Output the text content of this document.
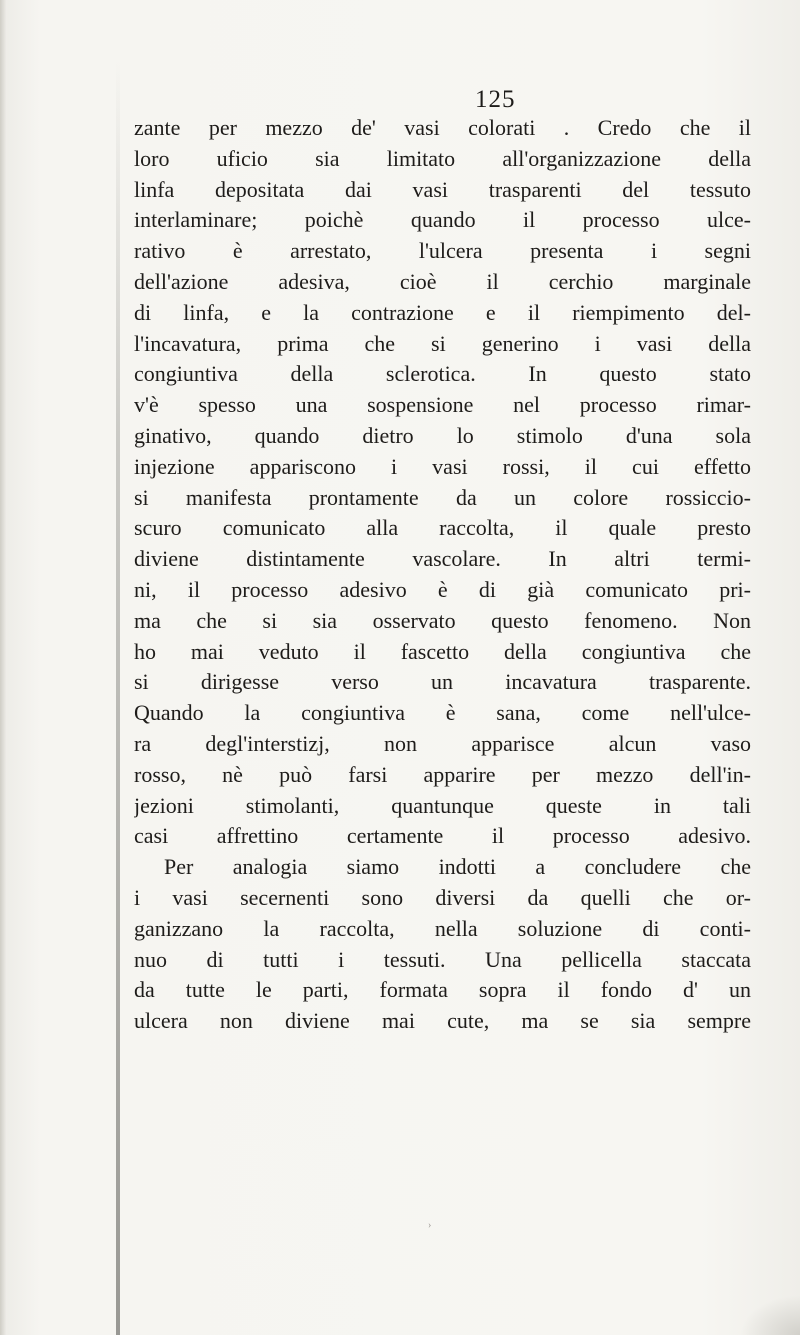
125
zante per mezzo de' vasi colorati . Credo che il
loro uficio sia limitato all'organizzazione della
linfa depositata dai vasi trasparenti del tessuto
interlaminare; poichè quando il processo ulce-
rativo è arrestato, l'ulcera presenta i segni
dell'azione adesiva, cioè il cerchio marginale
di linfa, e la contrazione e il riempimento del-
l'incavatura, prima che si generino i vasi della
congiuntiva della sclerotica. In questo stato
v'è spesso una sospensione nel processo rimar-
ginativo, quando dietro lo stimolo d'una sola
injezione appariscono i vasi rossi, il cui effetto
si manifesta prontamente da un colore rossiccio-
scuro comunicato alla raccolta, il quale presto
diviene distintamente vascolare. In altri termi-
ni, il processo adesivo è di già comunicato pri-
ma che si sia osservato questo fenomeno. Non
ho mai veduto il fascetto della congiuntiva che
si dirigesse verso un incavatura trasparente.
Quando la congiuntiva è sana, come nell'ulce-
ra degl'interstizj, non apparisce alcun vaso
rosso, nè può farsi apparire per mezzo dell'in-
jezioni stimolanti, quantunque queste in tali
casi affrettino certamente il processo adesivo.
Per analogia siamo indotti a concludere che
i vasi secernenti sono diversi da quelli che or-
ganizzano la raccolta, nella soluzione di conti-
nuo di tutti i tessuti. Una pellicella staccata
da tutte le parti, formata sopra il fondo d' un
ulcera non diviene mai cute, ma se sia sempre
›
